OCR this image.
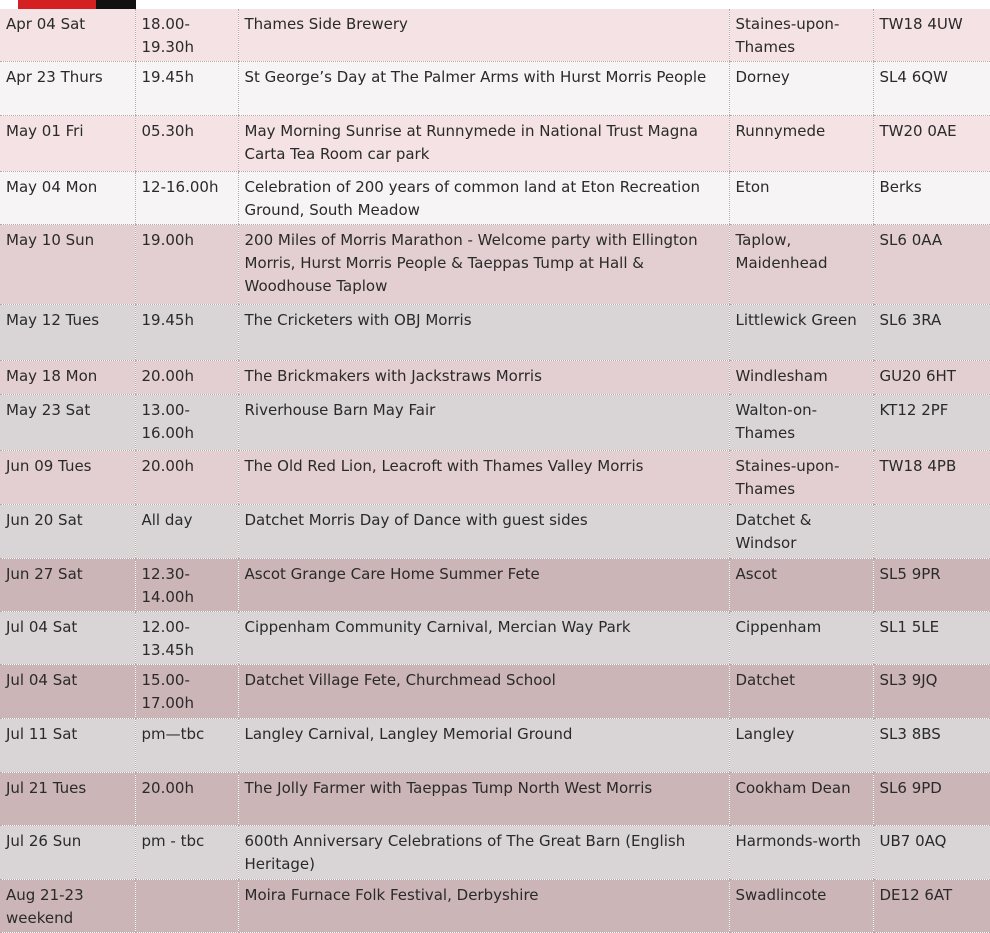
Apr 04 Sat	18.00-19.30h	Thames Side Brewery	Staines-upon-Thames	TW18 4UW
Apr 23 Thurs	19.45h	St George’s Day at The Palmer Arms with Hurst Morris People	Dorney	SL4 6QW
May 01 Fri	05.30h	May Morning Sunrise at Runnymede in National Trust Magna Carta Tea Room car park	Runnymede	TW20 0AE
May 04 Mon	12-16.00h	Celebration of 200 years of common land at Eton Recreation Ground, South Meadow	Eton	Berks
May 10 Sun	19.00h	200 Miles of Morris Marathon - Welcome party with Ellington Morris, Hurst Morris People & Taeppas Tump at Hall & Woodhouse Taplow	Taplow, Maidenhead	SL6 0AA
May 12 Tues	19.45h	The Cricketers with OBJ Morris	Littlewick Green	SL6 3RA
May 18 Mon	20.00h	The Brickmakers with Jackstraws Morris	Windlesham	GU20 6HT
May 23 Sat	13.00-16.00h	Riverhouse Barn May Fair	Walton-on-Thames	KT12 2PF
Jun 09 Tues	20.00h	The Old Red Lion, Leacroft with Thames Valley Morris	Staines-upon-Thames	TW18 4PB
Jun 20 Sat	All day	Datchet Morris Day of Dance with guest sides	Datchet & Windsor	
Jun 27 Sat	12.30-14.00h	Ascot Grange Care Home Summer Fete	Ascot	SL5 9PR
Jul 04 Sat	12.00-13.45h	Cippenham Community Carnival, Mercian Way Park	Cippenham	SL1 5LE
Jul 04 Sat	15.00-17.00h	Datchet Village Fete, Churchmead School	Datchet	SL3 9JQ
Jul 11 Sat	pm—tbc	Langley Carnival, Langley Memorial Ground	Langley	SL3 8BS
Jul 21 Tues	20.00h	The Jolly Farmer with Taeppas Tump North West Morris	Cookham Dean	SL6 9PD
Jul 26 Sun	pm - tbc	600th Anniversary Celebrations of The Great Barn (English Heritage)	Harmonds-worth	UB7 0AQ
Aug 21-23 weekend		Moira Furnace Folk Festival, Derbyshire	Swadlincote	DE12 6AT
